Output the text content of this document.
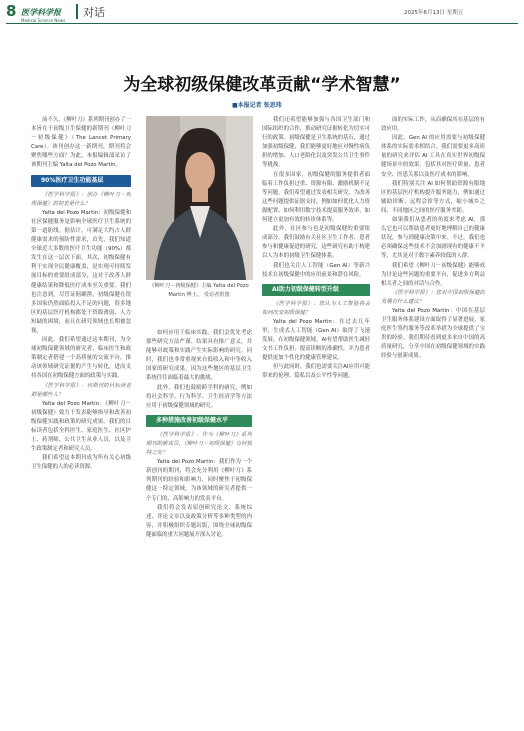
8 医学科学报
Medical Science News
对话	2025年6月13日 星期五
为全球初级保健改革贡献“学术智慧”
■本报记者 张思玮

前不久，《柳叶刀》系列期刊创办了一本旨在于初级卫生保健的新期刊《柳叶刀－初级保健》（The Lancet Primary Care）。该刊创办这一新期刊，期刊将会聚焦哪些方面？为此，本报编辑部采访了该期刊主编 Yalta del Pozo Martin。

90%医疗卫生功能基层

《医学科学报》：创办《柳叶刀－初级保健》的初衷是什么？

Yalta del Pozo Martin：初级保健和社区保健服务是影响全球医疗卫生系统的第一道防线。据估计，可满足大约占人群健康需求的预防性需求，首先，我们知道全球近大多数的医疗卫生功能（90%）都发生在这一层次下面。其次，初级保健有利于实现全民健康覆盖，是实现可持续发展目标的重要组成部分，这对于改善人群健康结果和降低医疗成本至关重要。我们也注意到，尽管证据确凿，初级保健在很多国家仍然面临投入不足的问题，很多地区的基层医疗机构都处于资源薄弱、人力短缺的困境，而且在研究领域也长期被忽视。

因此，我们希望通过这本期刊，为全球初级保健领域的研究者、临床医生和政策制定者搭建一个高质量的交流平台，推动该领域研究证据的产生与转化，进而支持各国在初级保健方面的政策与实践。

《医学科学报》：该期刊的目标读者群是哪些人？

Yalta del Pozo Martin：《柳叶刀－初级保健》致力于发表能够指导和改善初级保健实践和政策的研究成果。我们的目标读者包括全科医生、家庭医生、社区护士、药剂师、公共卫生从业人员，以及卫生政策制定者和研究人员。

我们希望这本期刊成为所有关心初级卫生保健的人的必读资源。

《柳叶刀－初级保健》主编 Yalta del Pozo Martin 博士。 受访者供图

如何应用于临床实践。我们会优先考虑那些研究方法严谨、结果具有推广意义，并能够对政策和实践产生实际影响的研究。同时，我们也非常重视来自低收入和中等收入国家的研究成果，因为这些地区的基层卫生系统往往面临着最大的挑战。

此外，我们也鼓励跨学科的研究，例如将社会科学、行为科学、卫生经济学等方法应用于初级保健领域的研究。

多种措施改善初级保健水平

《医学科学报》：作为《柳叶刀》系列期刊的新成员，《柳叶刀－初级保健》有何独特之处？

Yalta del Pozo Martin：我们作为一个新创刊的期刊，将会充分利用《柳叶刀》系列期刊的经验和影响力，同时聚焦于初级保健这一特定领域，为该领域的研究者提供一个专门的、高影响力的发表平台。

我们将会发表原创研究论文、系统综述、评论文章以及政策分析等多种类型的内容，并积极组织专题出版，围绕全球初级保健面临的重大问题展开深入讨论。

我们还希望能够加强与各国卫生部门和国际组织的合作，推动研究证据转化为切实可行的政策。初级保健是卫生系统的基石，通过加强初级保健，我们能够更好地应对慢性病负担的增加、人口老龄化以及突发公共卫生事件等挑战。

在很多国家，初级保健的服务提供者面临着工作负担过重、资源有限、激励机制不足等问题。我们希望通过发表相关研究，为改善这些问题提供证据支持，例如如何优化人力资源配置、如何利用数字技术提高服务效率、如何建立更加有效的转诊体系等。

此外，社区参与也是初级保健的重要组成部分。我们鼓励有关社区卫生工作者、患者参与和健康促进的研究，这些研究有助于构建以人为本的初级卫生保健体系。

我们也关注人工智能（Gen AI）等新兴技术在初级保健中的应用前景和潜在风险。

AI助力初级保健转型升级

《医学科学报》：您认为人工智能将会如何改变初级保健？

Yalta del Pozo Martin：在过去几年里，生成式人工智能（Gen AI）取得了飞速发展。在初级保健领域，AI有望帮助医生减轻文书工作负担，提高诊断的准确性，并为患者提供更加个性化的健康管理建议。

但与此同时，我们也需要关注AI应用可能带来的伦理、隐私以及公平性等问题。

面的实际工作，从而确保其在基层的有效应用。

因此，Gen AI 的应用需要与初级保健体系的实际需求相结合。我们需要更多高质量的研究来评估 AI 工具在真实世界初级保健场景中的效果，包括其对医疗质量、患者安全、医患关系以及医疗成本的影响。

我们特别关注 AI 如何帮助资源有限地区的基层医疗机构提升服务能力，例如通过辅助诊断、远程会诊等方式，缩小城乡之间、不同地区之间的医疗服务差距。

如果我们从患者的角度来考虑 AI，那么它也可以帮助患者更好地理解自己的健康状况，参与到健康决策中来。不过，我们也必须确保这些技术不会加剧现有的健康不平等，尤其是对于数字素养较低的人群。

我们希望《柳叶刀－初级保健》能够成为讨论这些问题的重要平台，促进多方利益相关者之间的对话与合作。

《医学科学报》：您对中国初级保健的发展有什么建议？

Yalta del Pozo Martin：中国在基层卫生服务体系建设方面取得了显著进展，家庭医生签约服务等改革举措为全球提供了宝贵的经验。我们期待看到更多来自中国的高质量研究，分享中国在初级保健领域的实践经验与创新成果。
